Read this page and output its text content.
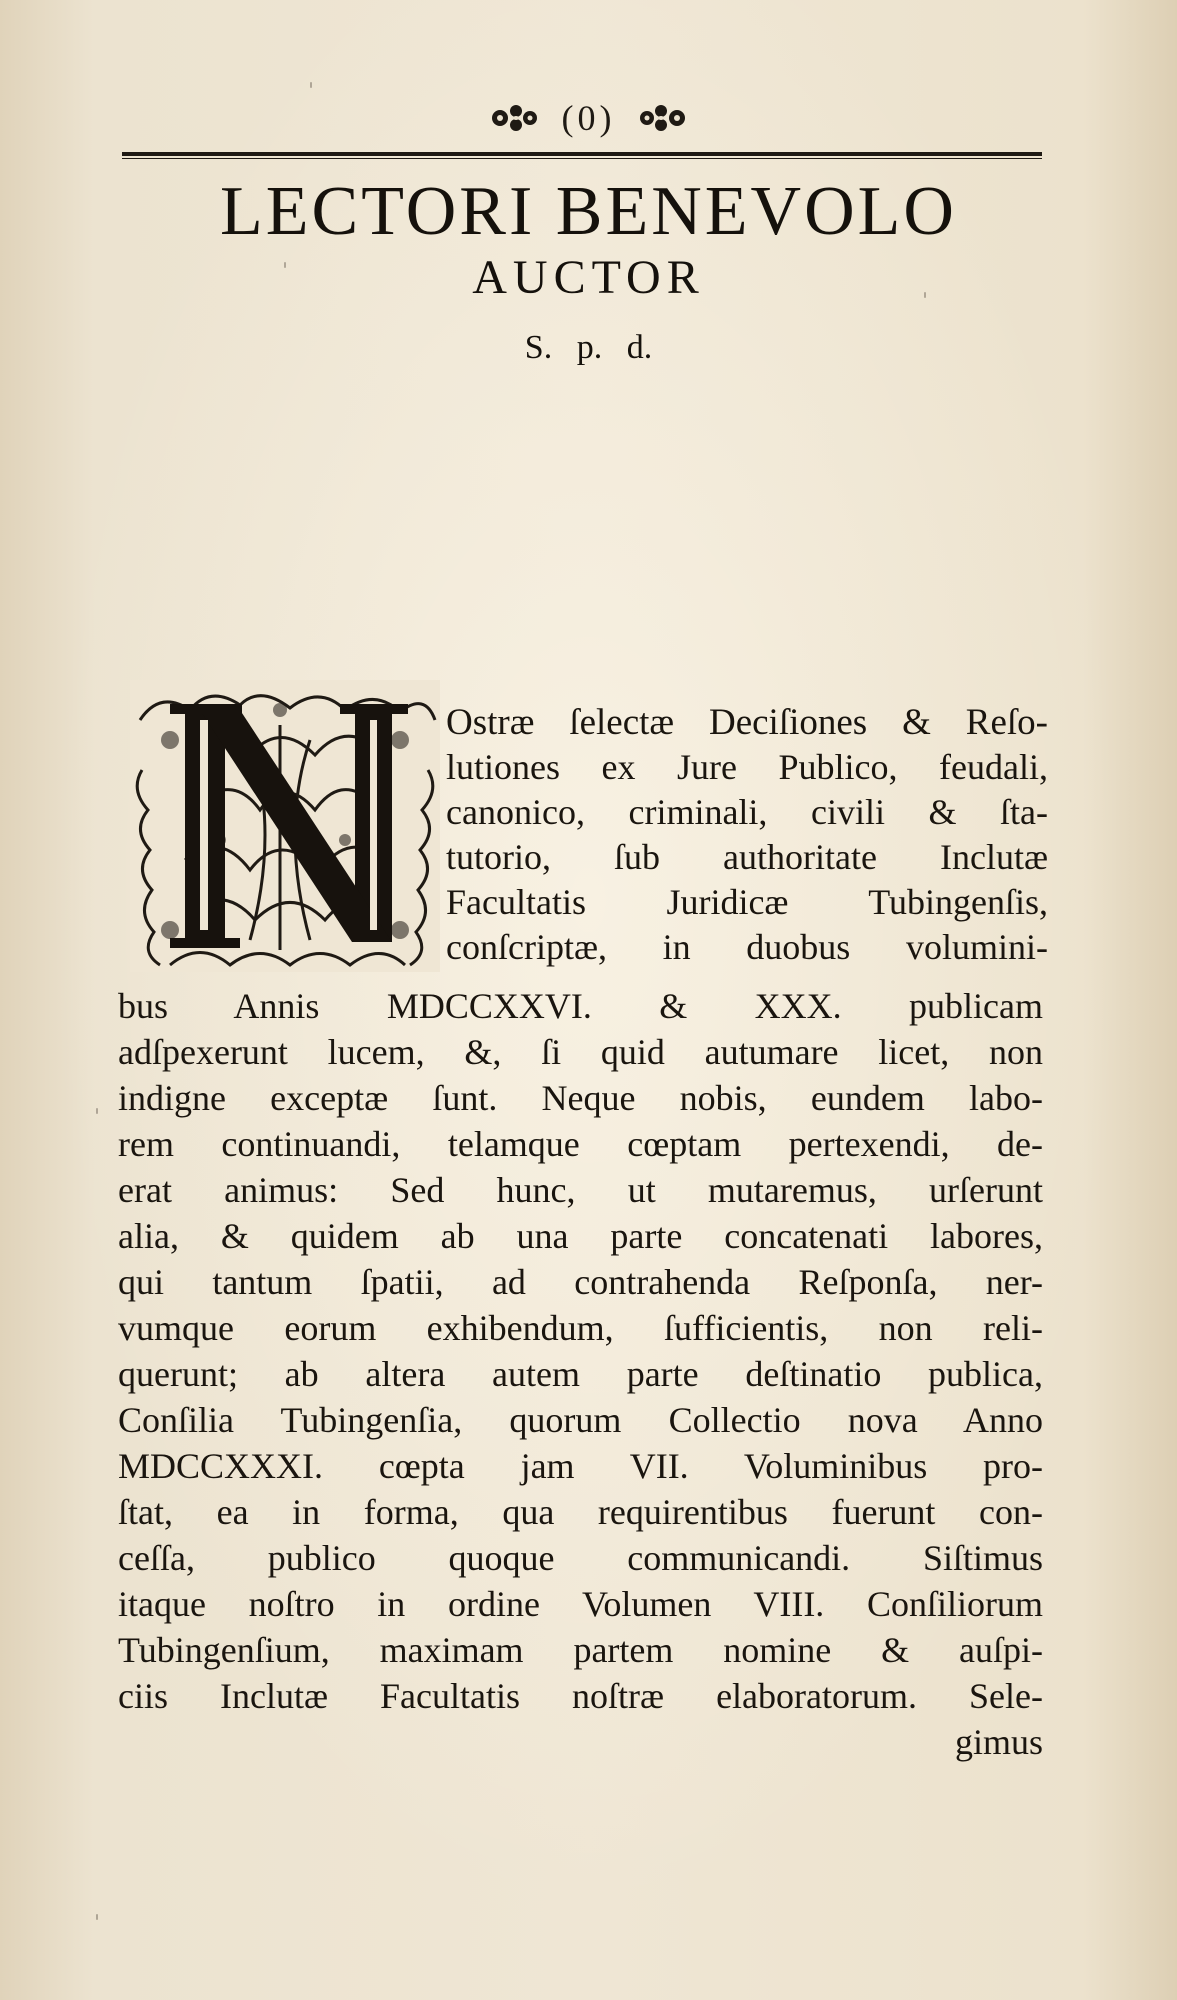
(0)
LECTORI BENEVOLO
AUCTOR
S. p. d.
Ostræ ſelectæ Deciſiones & Reſo-
lutiones ex Jure Publico, feudali,
canonico, criminali, civili & ſta-
tutorio, ſub authoritate Inclutæ
Facultatis Juridicæ Tubingenſis,
conſcriptæ, in duobus volumini-
bus Annis MDCCXXVI. & XXX. publicam
adſpexerunt lucem, &, ſi quid autumare licet, non
indigne exceptæ ſunt. Neque nobis, eundem labo-
rem continuandi, telamque cœptam pertexendi, de-
erat animus: Sed hunc, ut mutaremus, urſerunt
alia, & quidem ab una parte concatenati labores,
qui tantum ſpatii, ad contrahenda Reſponſa, ner-
vumque eorum exhibendum, ſufficientis, non reli-
querunt; ab altera autem parte deſtinatio publica,
Conſilia Tubingenſia, quorum Collectio nova Anno
MDCCXXXI. cœpta jam VII. Voluminibus pro-
ſtat, ea in forma, qua requirentibus fuerunt con-
ceſſa, publico quoque communicandi. Siſtimus
itaque noſtro in ordine Volumen VIII. Conſiliorum
Tubingenſium, maximam partem nomine & auſpi-
ciis Inclutæ Facultatis noſtræ elaboratorum. Sele-
gimus
